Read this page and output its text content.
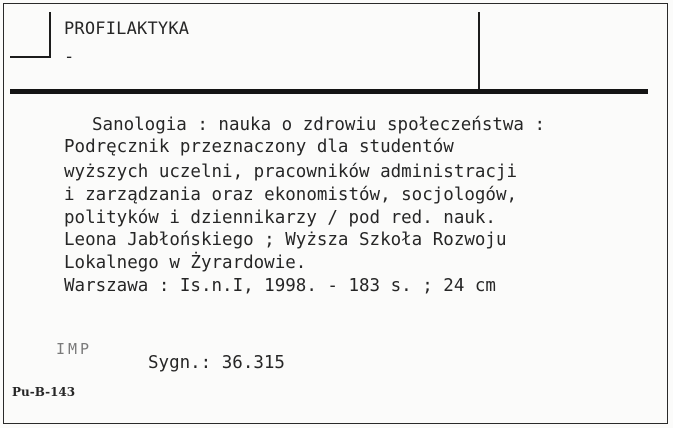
PROFILAKTYKA
-
Sanologia : nauka o zdrowiu społeczeństwa :
Podręcznik przeznaczony dla studentów
wyższych uczelni, pracowników administracji
i zarządzania oraz ekonomistów, socjologów,
polityków i dziennikarzy / pod red. nauk.
Leona Jabłońskiego ; Wyższa Szkoła Rozwoju
Lokalnego w Żyrardowie.
Warszawa : Is.n.I, 1998. - 183 s. ; 24 cm
IMP
Sygn.: 36.315
Pu-B-143
